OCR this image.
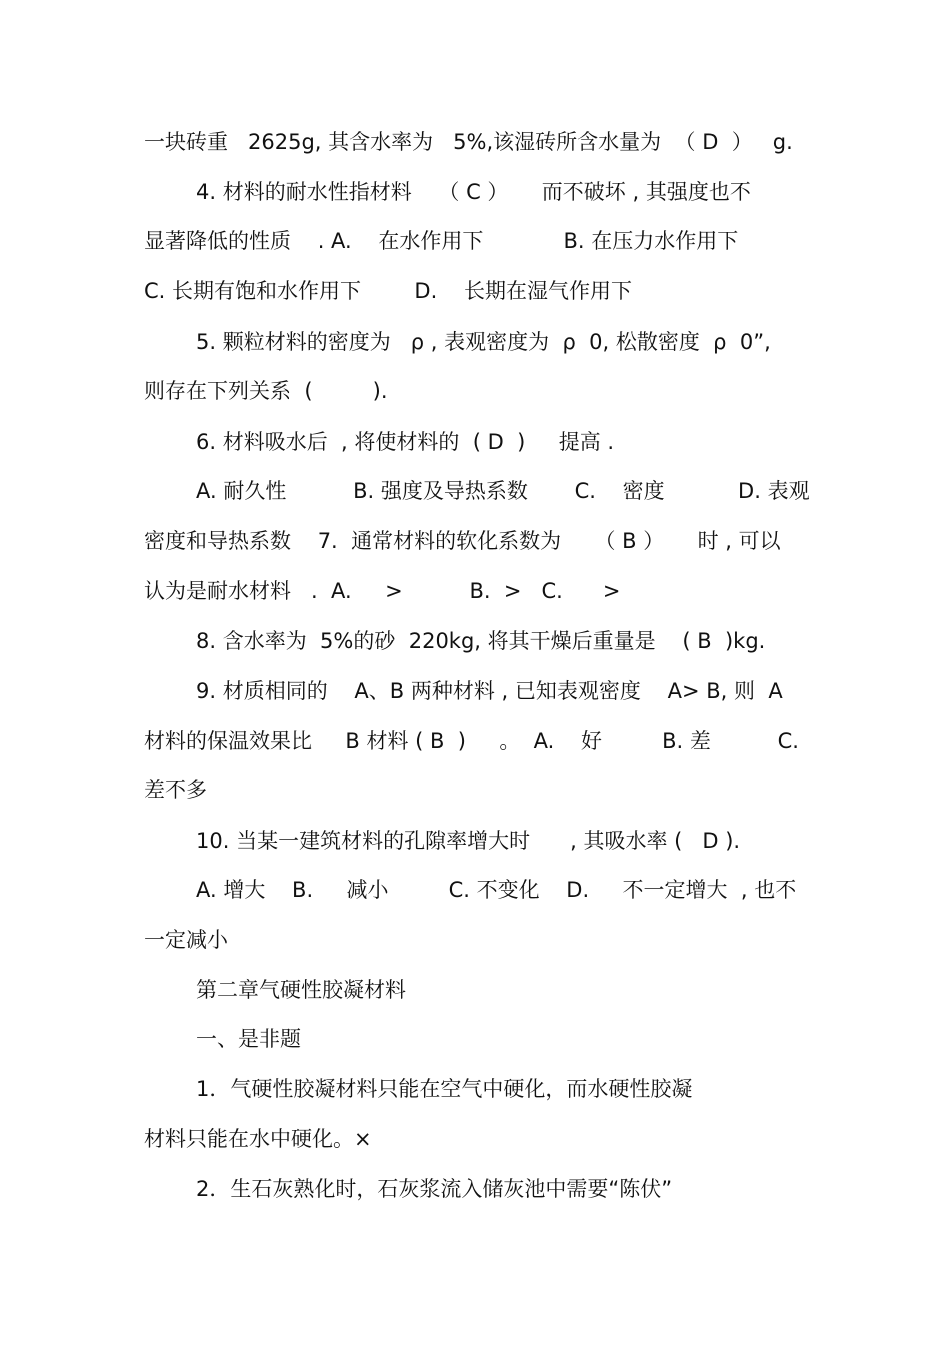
一块砖重   2625g, 其含水率为   5%,该湿砖所含水量为  （ D  ）   g.
4. 材料的耐水性指材料    （ C ）     而不破坏 , 其强度也不
显著降低的性质    . A.    在水作用下            B. 在压力水作用下
C. 长期有饱和水作用下        D.    长期在湿气作用下
5. 颗粒材料的密度为   ρ , 表观密度为  ρ  0, 松散密度  ρ  0”,
则存在下列关系  (         ).
6. 材料吸水后  , 将使材料的  ( D  )     提高 .
A. 耐久性          B. 强度及导热系数       C.    密度           D. 表观
密度和导热系数    7.  通常材料的软化系数为     （ B ）     时 , 可以
认为是耐水材料   .  A.     >          B.  >   C.      >
8. 含水率为  5%的砂  220kg, 将其干燥后重量是    ( B  )kg.
9. 材质相同的    A、B 两种材料 , 已知表观密度    A> B, 则  A
材料的保温效果比     B 材料 ( B  )     。  A.    好         B. 差          C.
差不多
10. 当某一建筑材料的孔隙率增大时      , 其吸水率 (   D ).
A. 增大    B.     减小         C. 不变化    D.     不一定增大  , 也不
一定减小
第二章气硬性胶凝材料
一、是非题
1．气硬性胶凝材料只能在空气中硬化，而水硬性胶凝
材料只能在水中硬化。×
2．生石灰熟化时，石灰浆流入储灰池中需要“陈伏”
